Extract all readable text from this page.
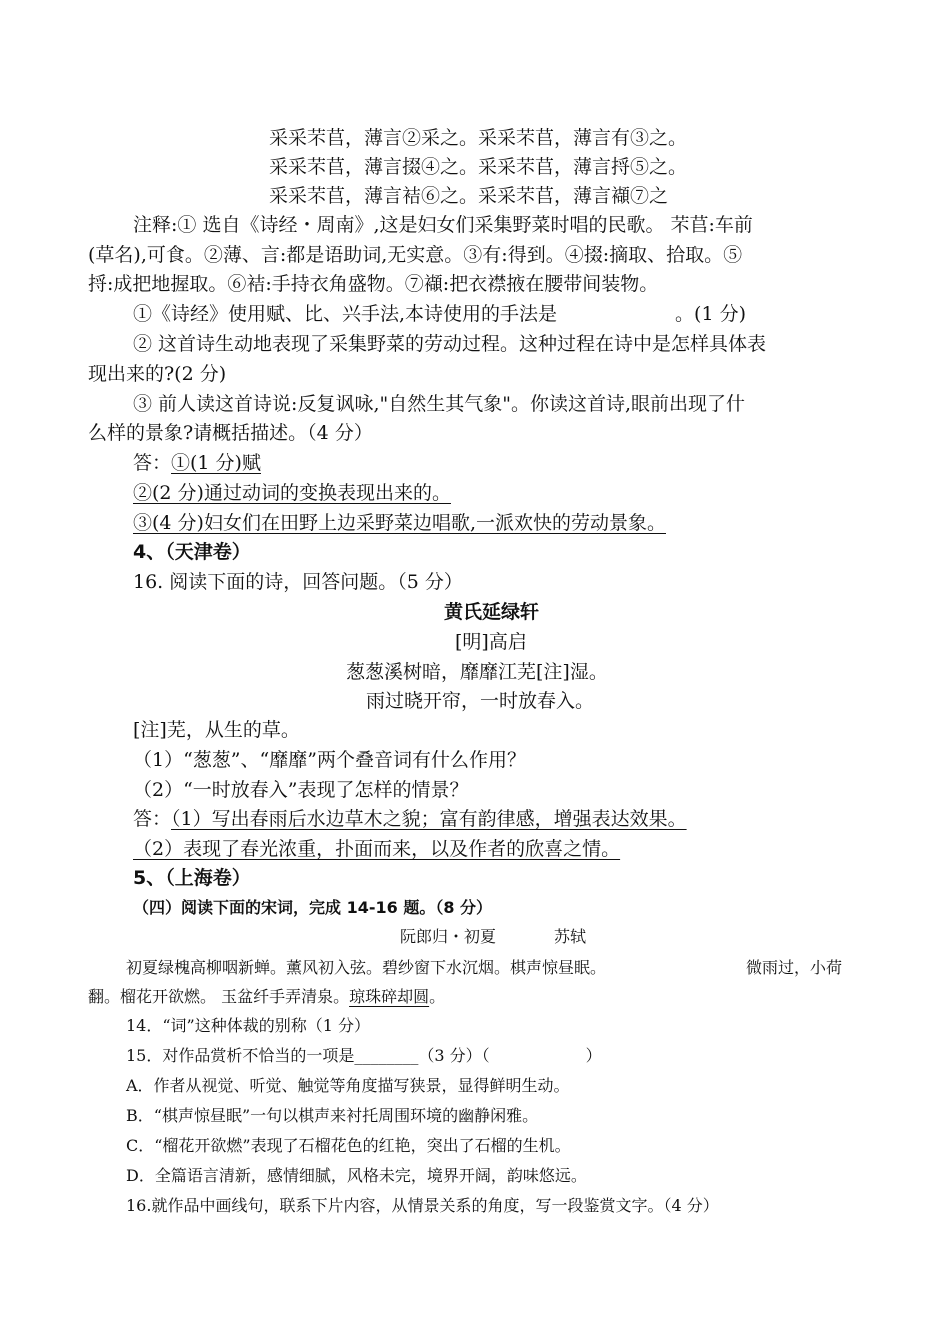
采采芣苢，薄言②采之。采采芣苢，薄言有③之。
采采芣苢，薄言掇④之。采采芣苢，薄言捋⑤之。
采采芣苢，薄言袺⑥之。采采芣苢，薄言襭⑦之
注释:① 选自《诗经・周南》,这是妇女们采集野菜时唱的民歌。 芣苢:车前
(草名),可食。②薄、言:都是语助词,无实意。③有:得到。④掇:摘取、拾取。⑤
捋:成把地握取。⑥袺:手持衣角盛物。⑦襭:把衣襟掖在腰带间装物。
①《诗经》使用赋、比、兴手法,本诗使用的手法是	。(1 分)
② 这首诗生动地表现了采集野菜的劳动过程。这种过程在诗中是怎样具体表
现出来的?(2 分)
③ 前人读这首诗说:反复讽咏,"自然生其气象"。你读这首诗,眼前出现了什
么样的景象?请概括描述。（4 分）
答：①(1 分)赋
②(2 分)通过动词的变换表现出来的。
③(4 分)妇女们在田野上边采野菜边唱歌,一派欢快的劳动景象。
4、（天津卷）
16. 阅读下面的诗，回答问题。（5 分）
黄氏延绿轩
[明]高启
葱葱溪树暗，靡靡江芜[注]湿。
雨过晓开帘，一时放春入。
[注]芜，从生的草。
（1）“葱葱”、“靡靡”两个叠音词有什么作用？
（2）“一时放春入”表现了怎样的情景？
答：（1）写出春雨后水边草木之貌；富有韵律感，增强表达效果。
（2）表现了春光浓重，扑面而来，以及作者的欣喜之情。
5、（上海卷）
（四）阅读下面的宋词，完成 14-16 题。（8 分）
阮郎归・初夏	苏轼
初夏绿槐高柳咽新蝉。薰风初入弦。碧纱窗下水沉烟。棋声惊昼眠。	微雨过，小荷
翻。榴花开欲燃。 玉盆纤手弄清泉。琼珠碎却圆。
14．“词”这种体裁的别称（1 分）
15．对作品赏析不恰当的一项是________（3 分）（	）
A．作者从视觉、听觉、触觉等角度描写狭景，显得鲜明生动。
B．“棋声惊昼眠”一句以棋声来衬托周围环境的幽静闲雅。
C．“榴花开欲燃”表现了石榴花色的红艳，突出了石榴的生机。
D．全篇语言清新，感情细腻，风格未完，境界开阔，韵味悠远。
16.就作品中画线句，联系下片内容，从情景关系的角度，写一段鉴赏文字。（4 分）
